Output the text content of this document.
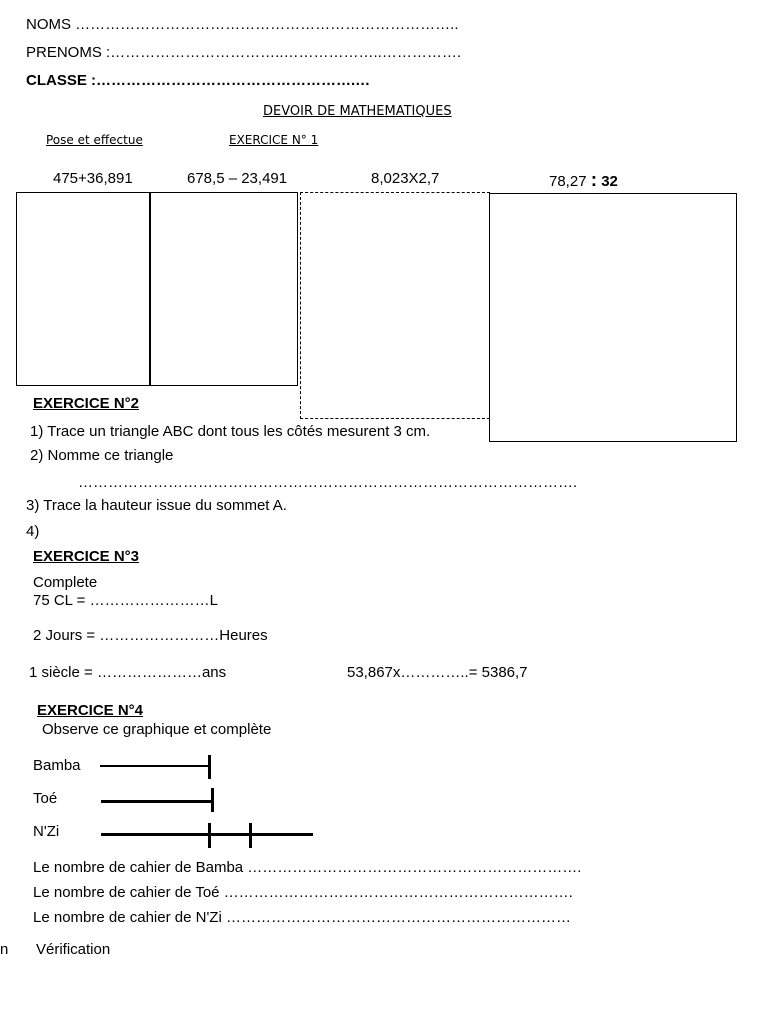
NOMS …………………………………………………………………..
PRENOMS :……………………………..………………..…………….
CLASSE :…………………………………………….…
DEVOIR DE MATHEMATIQUES
Pose et effectue	EXERCICE N° 1
475+36,891	678,5 – 23,491	8,023X2,7	78,27 : 32
EXERCICE N°2
1) Trace un triangle ABC dont tous les côtés mesurent 3 cm.
2) Nomme ce triangle
……………………………………………………………………………………….
3) Trace la hauteur issue du sommet A.
4)
EXERCICE N°3
Complete
75 CL = ……………………L
2 Jours = ……………………Heures
1 siècle = …………………ans	53,867x…………..= 5386,7
EXERCICE N°4
Observe ce graphique et complète
Bamba
Toé
N'Zi
Le nombre de cahier de Bamba ………………………………………………………….
Le nombre de cahier de Toé …………………………………………………………….
Le nombre de cahier de N'Zi ……………………………………………………………
n Vérification
